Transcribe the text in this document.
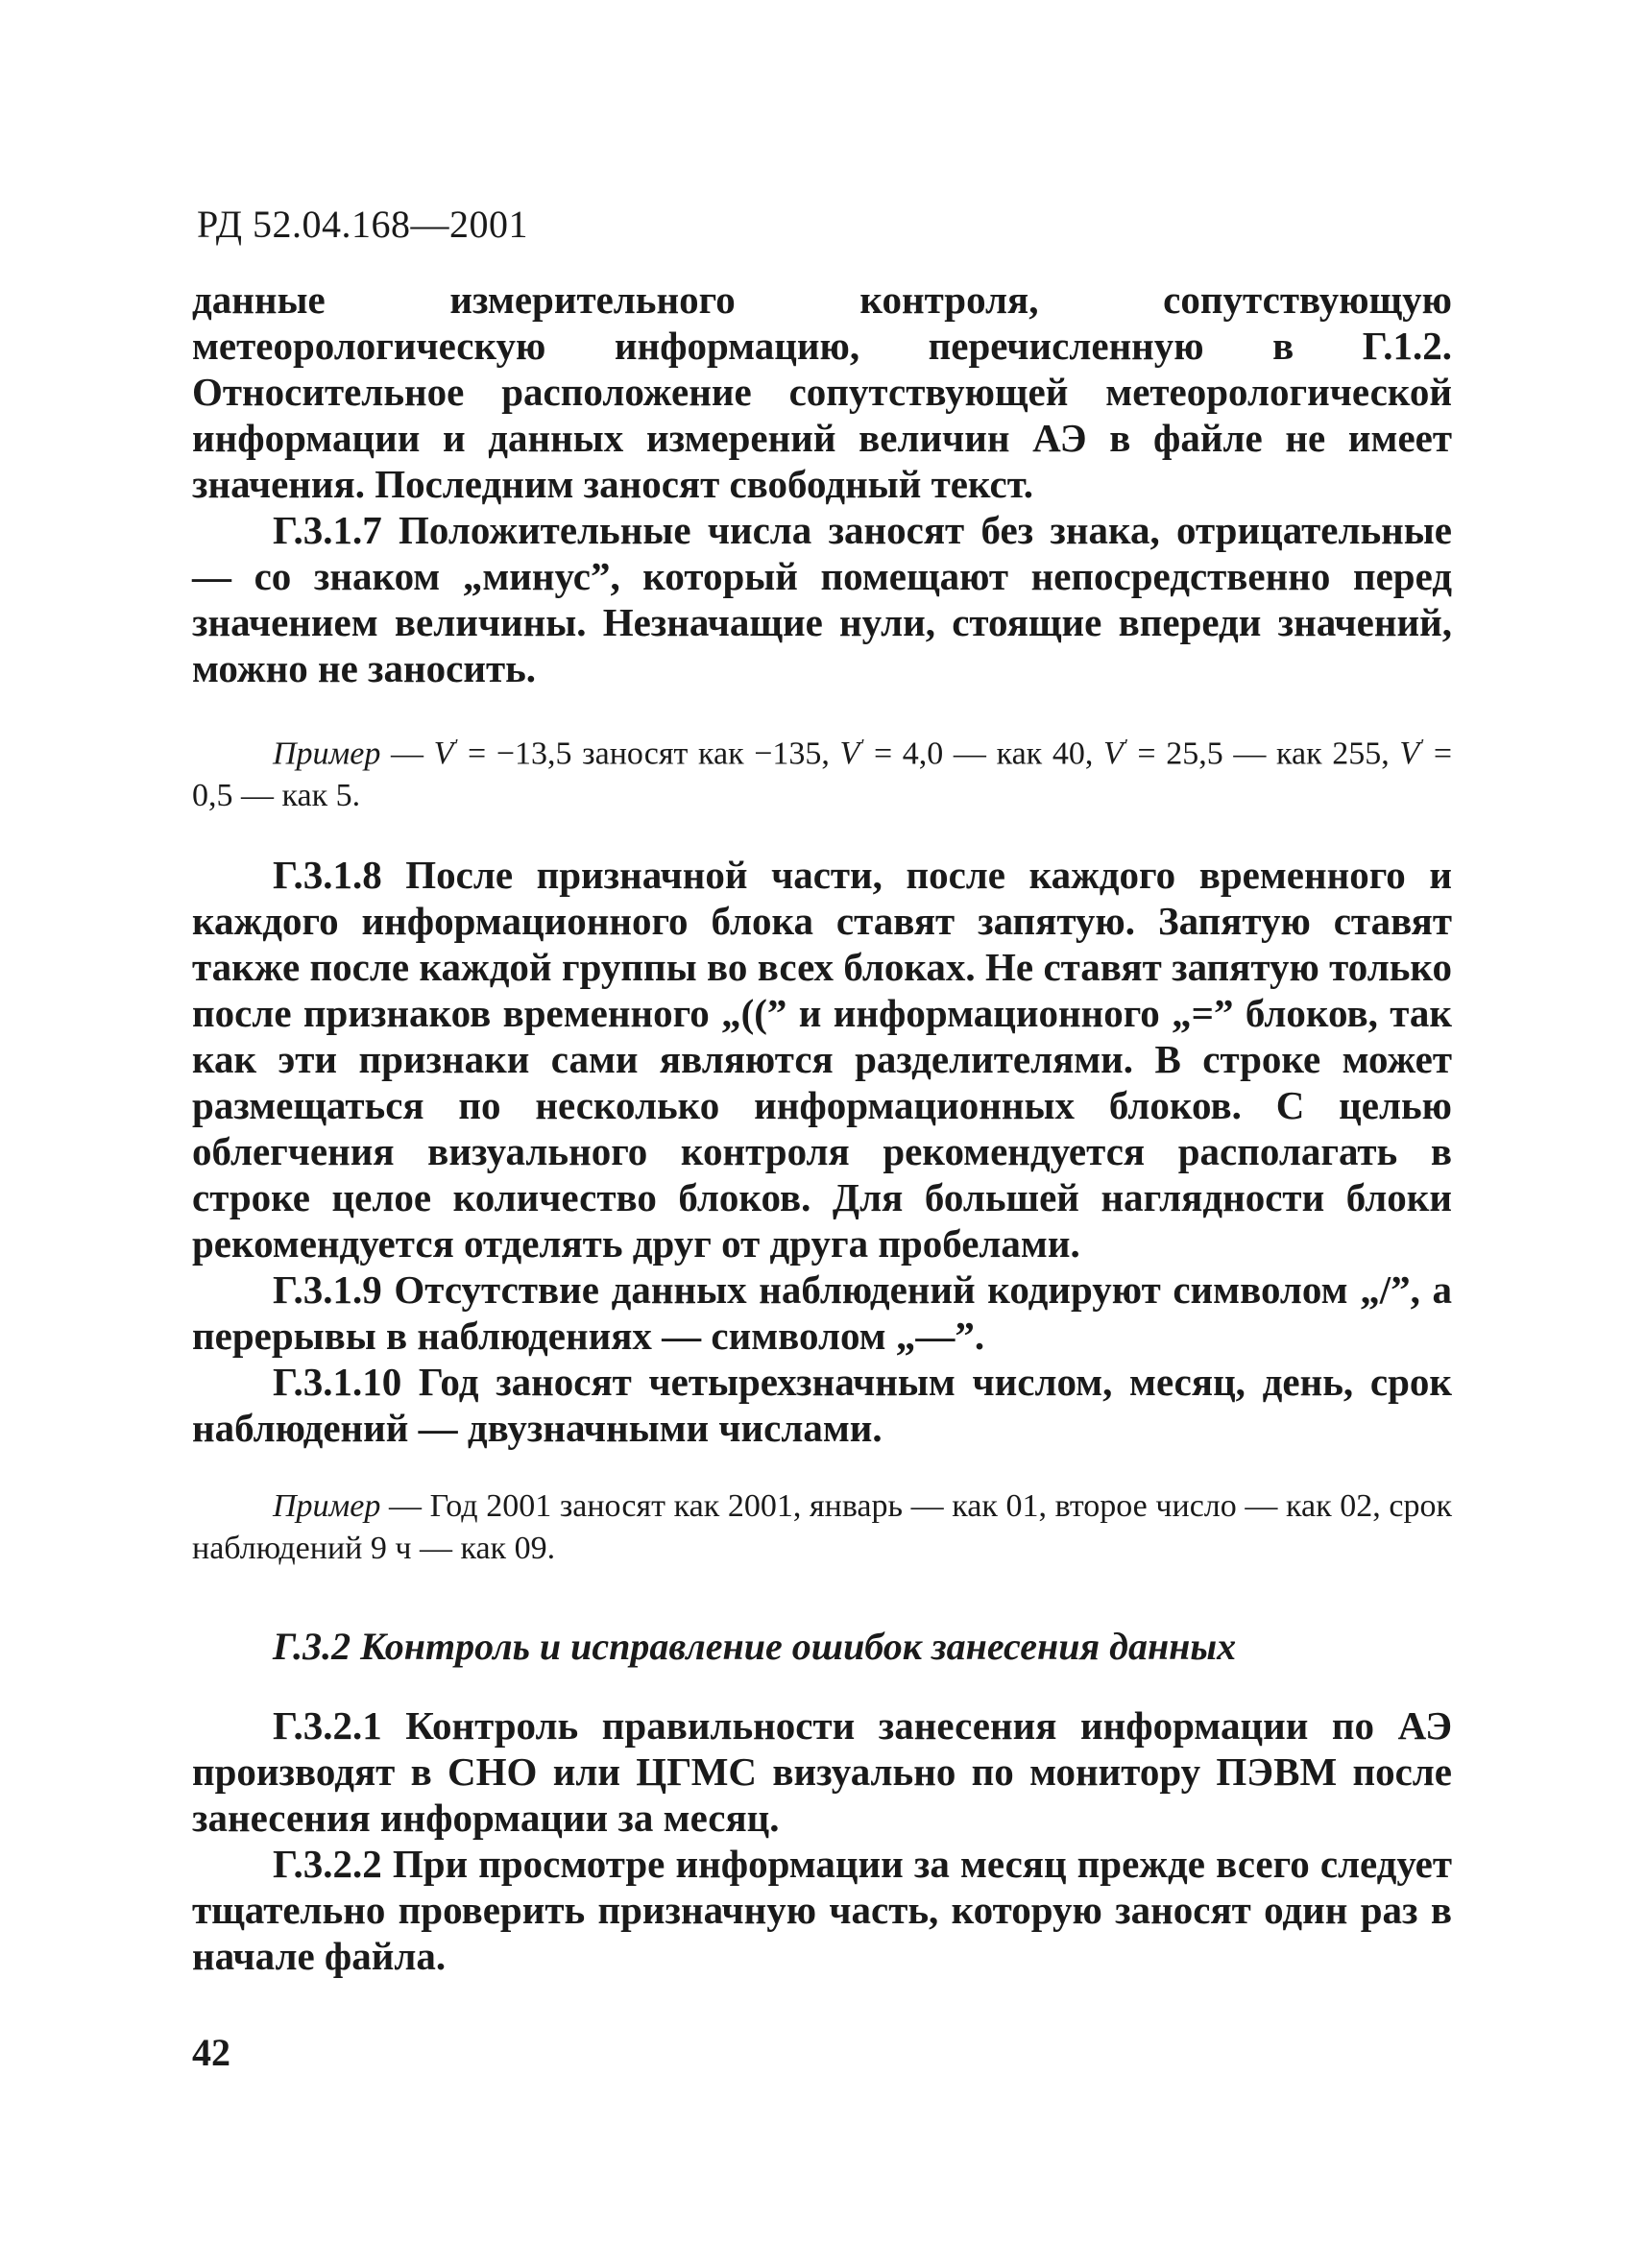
РД 52.04.168—2001

данные измерительного контроля, сопутствующую метеорологическую информацию, перечисленную в Г.1.2. Относительное расположение сопутствующей метеорологической информации и данных измерений величин АЭ в файле не имеет значения. Последним заносят свободный текст.

Г.3.1.7 Положительные числа заносят без знака, отрицательные — со знаком „минус”, который помещают непосредственно перед значением величины. Незначащие нули, стоящие впереди значений, можно не заносить.

Пример — V' = −13,5 заносят как −135, V' = 4,0 — как 40, V' = 25,5 — как 255, V' = 0,5 — как 5.

Г.3.1.8 После призначной части, после каждого временного и каждого информационного блока ставят запятую. Запятую ставят также после каждой группы во всех блоках. Не ставят запятую только после признаков временного „((” и информационного „=” блоков, так как эти признаки сами являются разделителями. В строке может размещаться по несколько информационных блоков. С целью облегчения визуального контроля рекомендуется располагать в строке целое количество блоков. Для большей наглядности блоки рекомендуется отделять друг от друга пробелами.

Г.3.1.9 Отсутствие данных наблюдений кодируют символом „/”, а перерывы в наблюдениях — символом „—”.

Г.3.1.10 Год заносят четырехзначным числом, месяц, день, срок наблюдений — двузначными числами.

Пример — Год 2001 заносят как 2001, январь — как 01, второе число — как 02, срок наблюдений 9 ч — как 09.

Г.3.2 Контроль и исправление ошибок занесения данных

Г.3.2.1 Контроль правильности занесения информации по АЭ производят в СНО или ЦГМС визуально по монитору ПЭВМ после занесения информации за месяц.

Г.3.2.2 При просмотре информации за месяц прежде всего следует тщательно проверить призначную часть, которую заносят один раз в начале файла.

42
